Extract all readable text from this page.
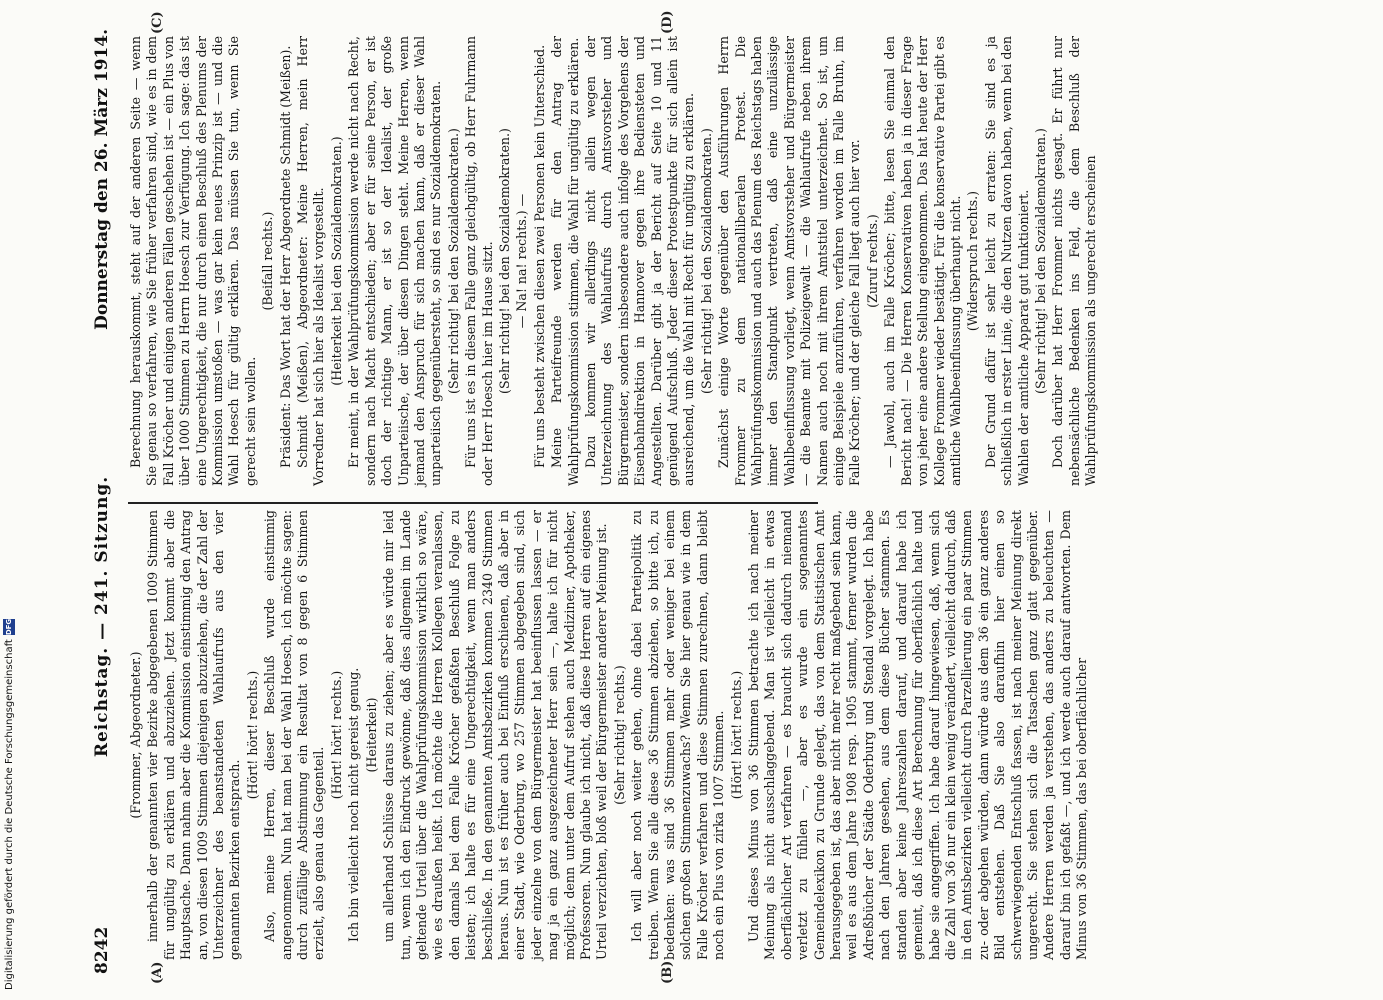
8242
Reichstag. — 241. Sitzung.
Donnerstag den 26. März 1914.
(A)	(B)
(C)	(D)

(Frommer, Abgeordneter.) innerhalb der genannten vier Bezirke abgegebenen 1009 Stimmen für ungültig zu erklären und abzuziehen. Jetzt kommt aber die Hauptsache. Dann nahm aber die Kommission einstimmig den Antrag an, von diesen 1009 Stimmen diejenigen abzuziehen, die der Zahl der Unterzeichner des beanstandeten Wahlaufrufs aus den vier genannten Bezirken entsprach.

(Hört! hört! rechts.) Also, meine Herren, dieser Beschluß wurde einstimmig angenommen. Nun hat man bei der Wahl Hoesch, ich möchte sagen: durch zufällige Abstimmung ein Resultat von 8 gegen 6 Stimmen erzielt, also genau das Gegenteil.

(Hört! hört! rechts.) Ich bin vielleicht noch nicht gereist genug. (Heiterkeit) um allerhand Schlüsse daraus zu ziehen; aber es würde mir leid tun, wenn ich den Eindruck gewönne, daß dies allgemein im Lande geltende Urteil über die Wahlprüfungskommission wirklich so wäre, wie es draußen heißt. Ich möchte die Herren Kollegen veranlassen, den damals bei dem Falle Kröcher gefaßten Beschluß Folge zu leisten; ich halte es für eine Ungerechtigkeit, wenn man anders beschließe. In den genannten Amtsbezirken kommen 2340 Stimmen heraus. Nun ist es früher auch bei Einfluß erschienen, daß aber in einer Stadt, wie Oderburg, wo 257 Stimmen abgegeben sind, sich jeder einzelne von dem Bürgermeister hat beeinflussen lassen — er mag ja ein ganz ausgezeichneter Herr sein —, halte ich für nicht möglich; denn unter dem Aufruf stehen auch Mediziner, Apotheker, Professoren. Nun glaube ich nicht, daß diese Herren auf ein eigenes Urteil verzichten, bloß weil der Bürgermeister anderer Meinung ist. (Sehr richtig! rechts.) Ich will aber noch weiter gehen, ohne dabei Parteipolitik zu treiben. Wenn Sie alle diese 36 Stimmen abziehen, so bitte ich, zu bedenken: was sind 36 Stimmen mehr oder weniger bei einem solchen großen Stimmenzuwachs? Wenn Sie hier genau wie in dem Falle Kröcher verfahren und diese Stimmen zurechnen, dann bleibt noch ein Plus von zirka 1007 Stimmen. (Hört! hört! rechts.) Und dieses Minus von 36 Stimmen betrachte ich nach meiner Meinung als nicht ausschlaggebend. Man ist vielleicht in etwas oberflächlicher Art verfahren — es braucht sich dadurch niemand verletzt zu fühlen —, aber es wurde ein sogenanntes Gemeindelexikon zu Grunde gelegt, das von dem Statistischen Amt herausgegeben ist, das aber nicht mehr recht maßgebend sein kann, weil es aus dem Jahre 1908 resp. 1905 stammt, ferner wurden die Adreßbücher der Städte Oderburg und Stendal vorgelegt. Ich habe nach den Jahren gesehen, aus dem diese Bücher stammen. Es standen aber keine Jahreszahlen darauf, und darauf habe ich gemeint, daß ich diese Art Berechnung für oberflächlich halte und habe sie angegriffen. Ich habe darauf hingewiesen, daß, wenn sich die Zahl von 36 nur ein klein wenig verändert, vielleicht dadurch, daß in den Amtsbezirken vielleicht durch Parzellierung ein paar Stimmen zu- oder abgehen würden, dann würde aus dem 36 ein ganz anderes Bild entstehen. Daß Sie also daraufhin hier einen so schwerwiegenden Entschluß fassen, ist nach meiner Meinung direkt ungerecht. Sie stehen sich die Tatsachen ganz glatt gegenüber. Andere Herren werden ja verstehen, das anders zu beleuchten — darauf bin ich gefaßt —, und ich werde auch darauf antworten. Dem Minus von 36 Stimmen, das bei oberflächlicher

Berechnung herauskommt, steht auf der anderen Seite — wenn Sie genau so verfahren, wie Sie früher verfahren sind, wie es in dem Fall Kröcher und einigen anderen Fällen geschehen ist — ein Plus von über 1000 Stimmen zu Herrn Hoesch zur Verfügung. Ich sage: das ist eine Ungerechtigkeit, die nur durch einen Beschluß des Plenums der Kommission umstoßen — was gar kein neues Prinzip ist — und die Wahl Hoesch für gültig erklären. Das müssen Sie tun, wenn Sie gerecht sein wollen.

(Beifall rechts.) Präsident: Das Wort hat der Herr Abgeordnete Schmidt (Meißen). Schmidt (Meißen), Abgeordneter: Meine Herren, mein Herr Vorredner hat sich hier als Idealist vorgestellt. (Heiterkeit bei den Sozialdemokraten.) Er meint, in der Wahlprüfungskommission werde nicht nach Recht, sondern nach Macht entschieden; aber er für seine Person, er ist doch der richtige Mann, er ist so der Idealist, der große Unparteiische, der über diesen Dingen steht. Meine Herren, wenn jemand den Anspruch für sich machen kann, daß er dieser Wahl unparteiisch gegenübersteht, so sind es nur Sozialdemokraten. (Sehr richtig! bei den Sozialdemokraten.) Für uns ist es in diesem Falle ganz gleichgültig, ob Herr Fuhrmann oder Herr Hoesch hier im Hause sitzt. (Sehr richtig! bei den Sozialdemokraten.) — Na! na! rechts.) — Für uns besteht zwischen diesen zwei Personen kein Unterschied. Meine Parteifreunde werden für den Antrag der Wahlprüfungskommission stimmen, die Wahl für ungültig zu erklären. Dazu kommen wir allerdings nicht allein wegen der Unterzeichnung des Wahlaufrufs durch Amtsvorsteher und Bürgermeister, sondern insbesondere auch infolge des Vorgehens der Eisenbahndirektion in Hannover gegen ihre Bediensteten und Angestellten. Darüber gibt ja der Bericht auf Seite 10 und 11 genügend Aufschluß. Jeder dieser Protestpunkte für sich allein ist ausreichend, um die Wahl mit Recht für ungültig zu erklären. (Sehr richtig! bei den Sozialdemokraten.) Zunächst einige Worte gegenüber den Ausführungen Herrn Frommer zu dem nationalliberalen Protest. Die Wahlprüfungskommission und auch das Plenum des Reichstags haben immer den Standpunkt vertreten, daß eine unzulässige Wahlbeeinflussung vorliegt, wenn Amtsvorsteher und Bürgermeister — die Beamte mit Polizeigewalt — die Wahlaufrufe neben ihrem Namen auch noch mit ihrem Amtstitel unterzeichnet. So ist, um einige Beispiele anzuführen, verfahren worden im Falle Bruhn, im Falle Kröcher; und der gleiche Fall liegt auch hier vor. (Zuruf rechts.) — Jawohl, auch im Falle Kröcher; bitte, lesen Sie einmal den Bericht nach! — Die Herren Konservativen haben ja in dieser Frage von jeher eine andere Stellung eingenommen. Das hat heute der Herr Kollege Frommer wieder bestätigt. Für die konservative Partei gibt es amtliche Wahlbeeinflussung überhaupt nicht. (Widerspruch rechts.) Der Grund dafür ist sehr leicht zu erraten: Sie sind es ja schließlich in erster Linie, die den Nutzen davon haben, wenn bei den Wahlen der amtliche Apparat gut funktioniert. (Sehr richtig! bei den Sozialdemokraten.) Doch darüber hat Herr Frommer nichts gesagt. Er führt nur nebensächliche Bedenken ins Feld, die dem Beschluß der Wahlprüfungskommission als ungerecht erscheinen

Digitalisierung gefördert durch die Deutsche Forschungsgemeinschaft
DFG
